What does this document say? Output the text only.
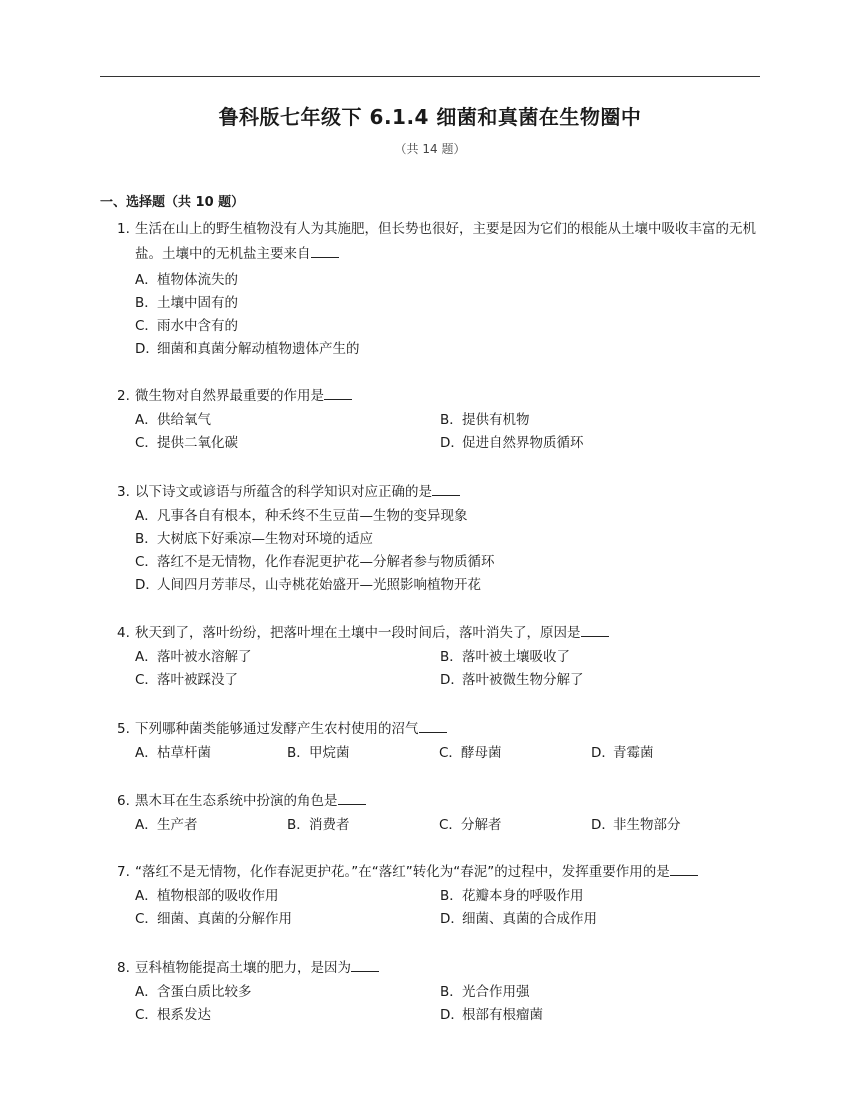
鲁科版七年级下 6.1.4 细菌和真菌在生物圈中
（共 14 题）
一、选择题（共 10 题）
1. 生活在山上的野生植物没有人为其施肥，但长势也很好，主要是因为它们的根能从土壤中吸收丰富的无机盐。土壤中的无机盐主要来自
A．植物体流失的
B．土壤中固有的
C．雨水中含有的
D．细菌和真菌分解动植物遗体产生的
2. 微生物对自然界最重要的作用是
A．供给氧气	B．提供有机物
C．提供二氧化碳	D．促进自然界物质循环
3. 以下诗文或谚语与所蕴含的科学知识对应正确的是
A．凡事各自有根本，种禾终不生豆苗—生物的变异现象
B．大树底下好乘凉—生物对环境的适应
C．落红不是无情物，化作春泥更护花—分解者参与物质循环
D．人间四月芳菲尽，山寺桃花始盛开—光照影响植物开花
4. 秋天到了，落叶纷纷，把落叶埋在土壤中一段时间后，落叶消失了，原因是
A．落叶被水溶解了	B．落叶被土壤吸收了
C．落叶被踩没了	D．落叶被微生物分解了
5. 下列哪种菌类能够通过发酵产生农村使用的沼气
A．枯草杆菌	B．甲烷菌	C．酵母菌	D．青霉菌
6. 黑木耳在生态系统中扮演的角色是
A．生产者	B．消费者	C．分解者	D．非生物部分
7. “落红不是无情物，化作春泥更护花。”在“落红”转化为“春泥”的过程中，发挥重要作用的是
A．植物根部的吸收作用	B．花瓣本身的呼吸作用
C．细菌、真菌的分解作用	D．细菌、真菌的合成作用
8. 豆科植物能提高土壤的肥力，是因为
A．含蛋白质比较多	B．光合作用强
C．根系发达	D．根部有根瘤菌
